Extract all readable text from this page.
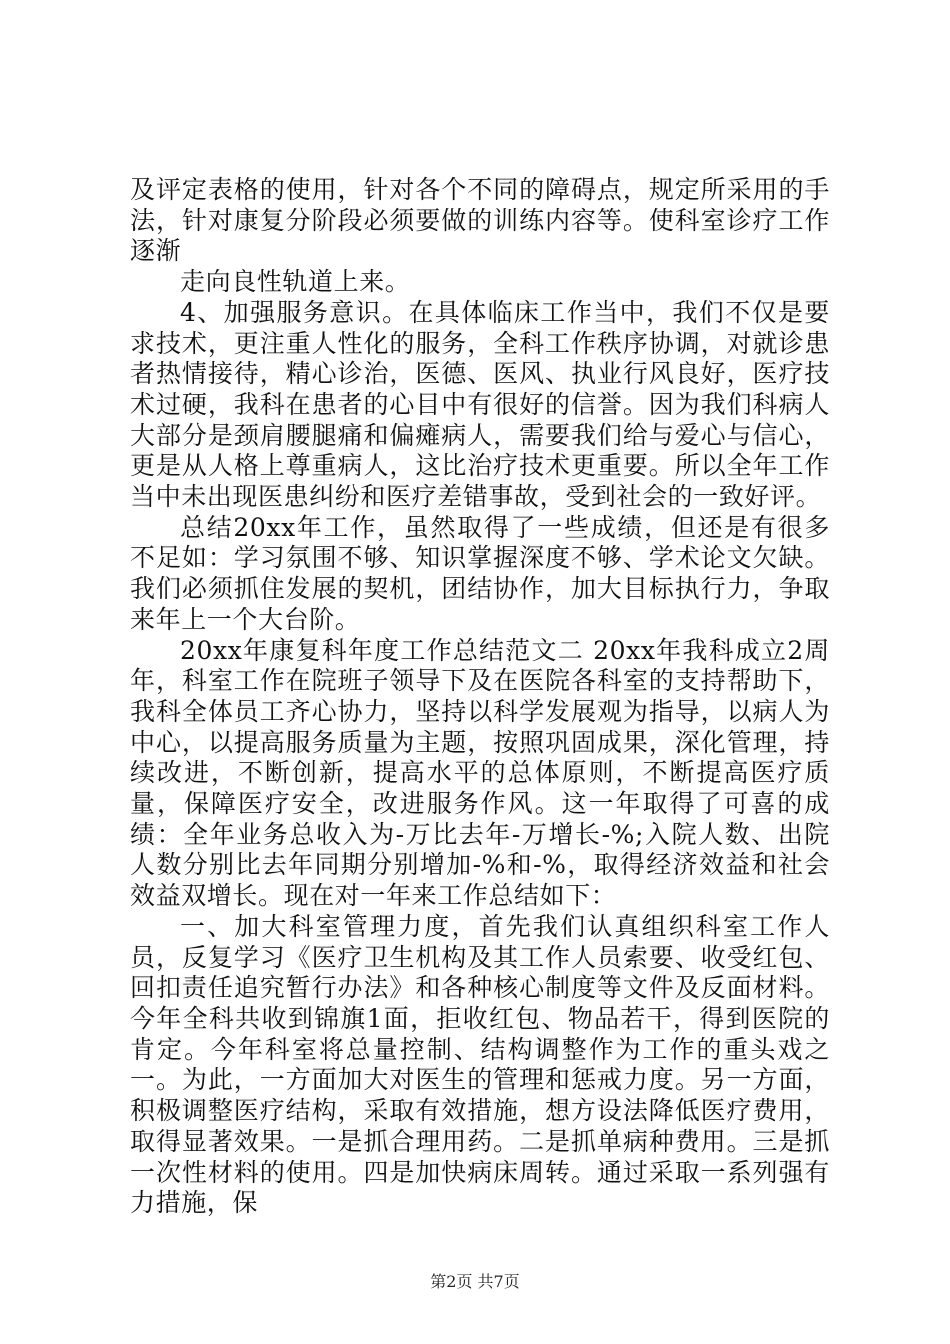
及评定表格的使用，针对各个不同的障碍点，规定所采用的手法，针对康复分阶段必须要做的训练内容等。使科室诊疗工作逐渐

走向良性轨道上来。

4、加强服务意识。在具体临床工作当中，我们不仅是要求技术，更注重人性化的服务，全科工作秩序协调，对就诊患者热情接待，精心诊治，医德、医风、执业行风良好，医疗技术过硬，我科在患者的心目中有很好的信誉。因为我们科病人大部分是颈肩腰腿痛和偏瘫病人，需要我们给与爱心与信心，更是从人格上尊重病人，这比治疗技术更重要。所以全年工作当中未出现医患纠纷和医疗差错事故，受到社会的一致好评。

总结20xx年工作，虽然取得了一些成绩，但还是有很多不足如：学习氛围不够、知识掌握深度不够、学术论文欠缺。我们必须抓住发展的契机，团结协作，加大目标执行力，争取来年上一个大台阶。

20xx年康复科年度工作总结范文二 20xx年我科成立2周年，科室工作在院班子领导下及在医院各科室的支持帮助下，我科全体员工齐心协力，坚持以科学发展观为指导，以病人为中心，以提高服务质量为主题，按照巩固成果，深化管理，持续改进，不断创新，提高水平的总体原则，不断提高医疗质量，保障医疗安全，改进服务作风。这一年取得了可喜的成绩：全年业务总收入为-万比去年-万增长-%;入院人数、出院人数分别比去年同期分别增加-%和-%，取得经济效益和社会效益双增长。现在对一年来工作总结如下：

一、加大科室管理力度，首先我们认真组织科室工作人员，反复学习《医疗卫生机构及其工作人员索要、收受红包、回扣责任追究暂行办法》和各种核心制度等文件及反面材料。今年全科共收到锦旗1面，拒收红包、物品若干，得到医院的肯定。今年科室将总量控制、结构调整作为工作的重头戏之一。为此，一方面加大对医生的管理和惩戒力度。另一方面，积极调整医疗结构，采取有效措施，想方设法降低医疗费用，取得显著效果。一是抓合理用药。二是抓单病种费用。三是抓一次性材料的使用。四是加快病床周转。通过采取一系列强有力措施，保

第2页 共7页
